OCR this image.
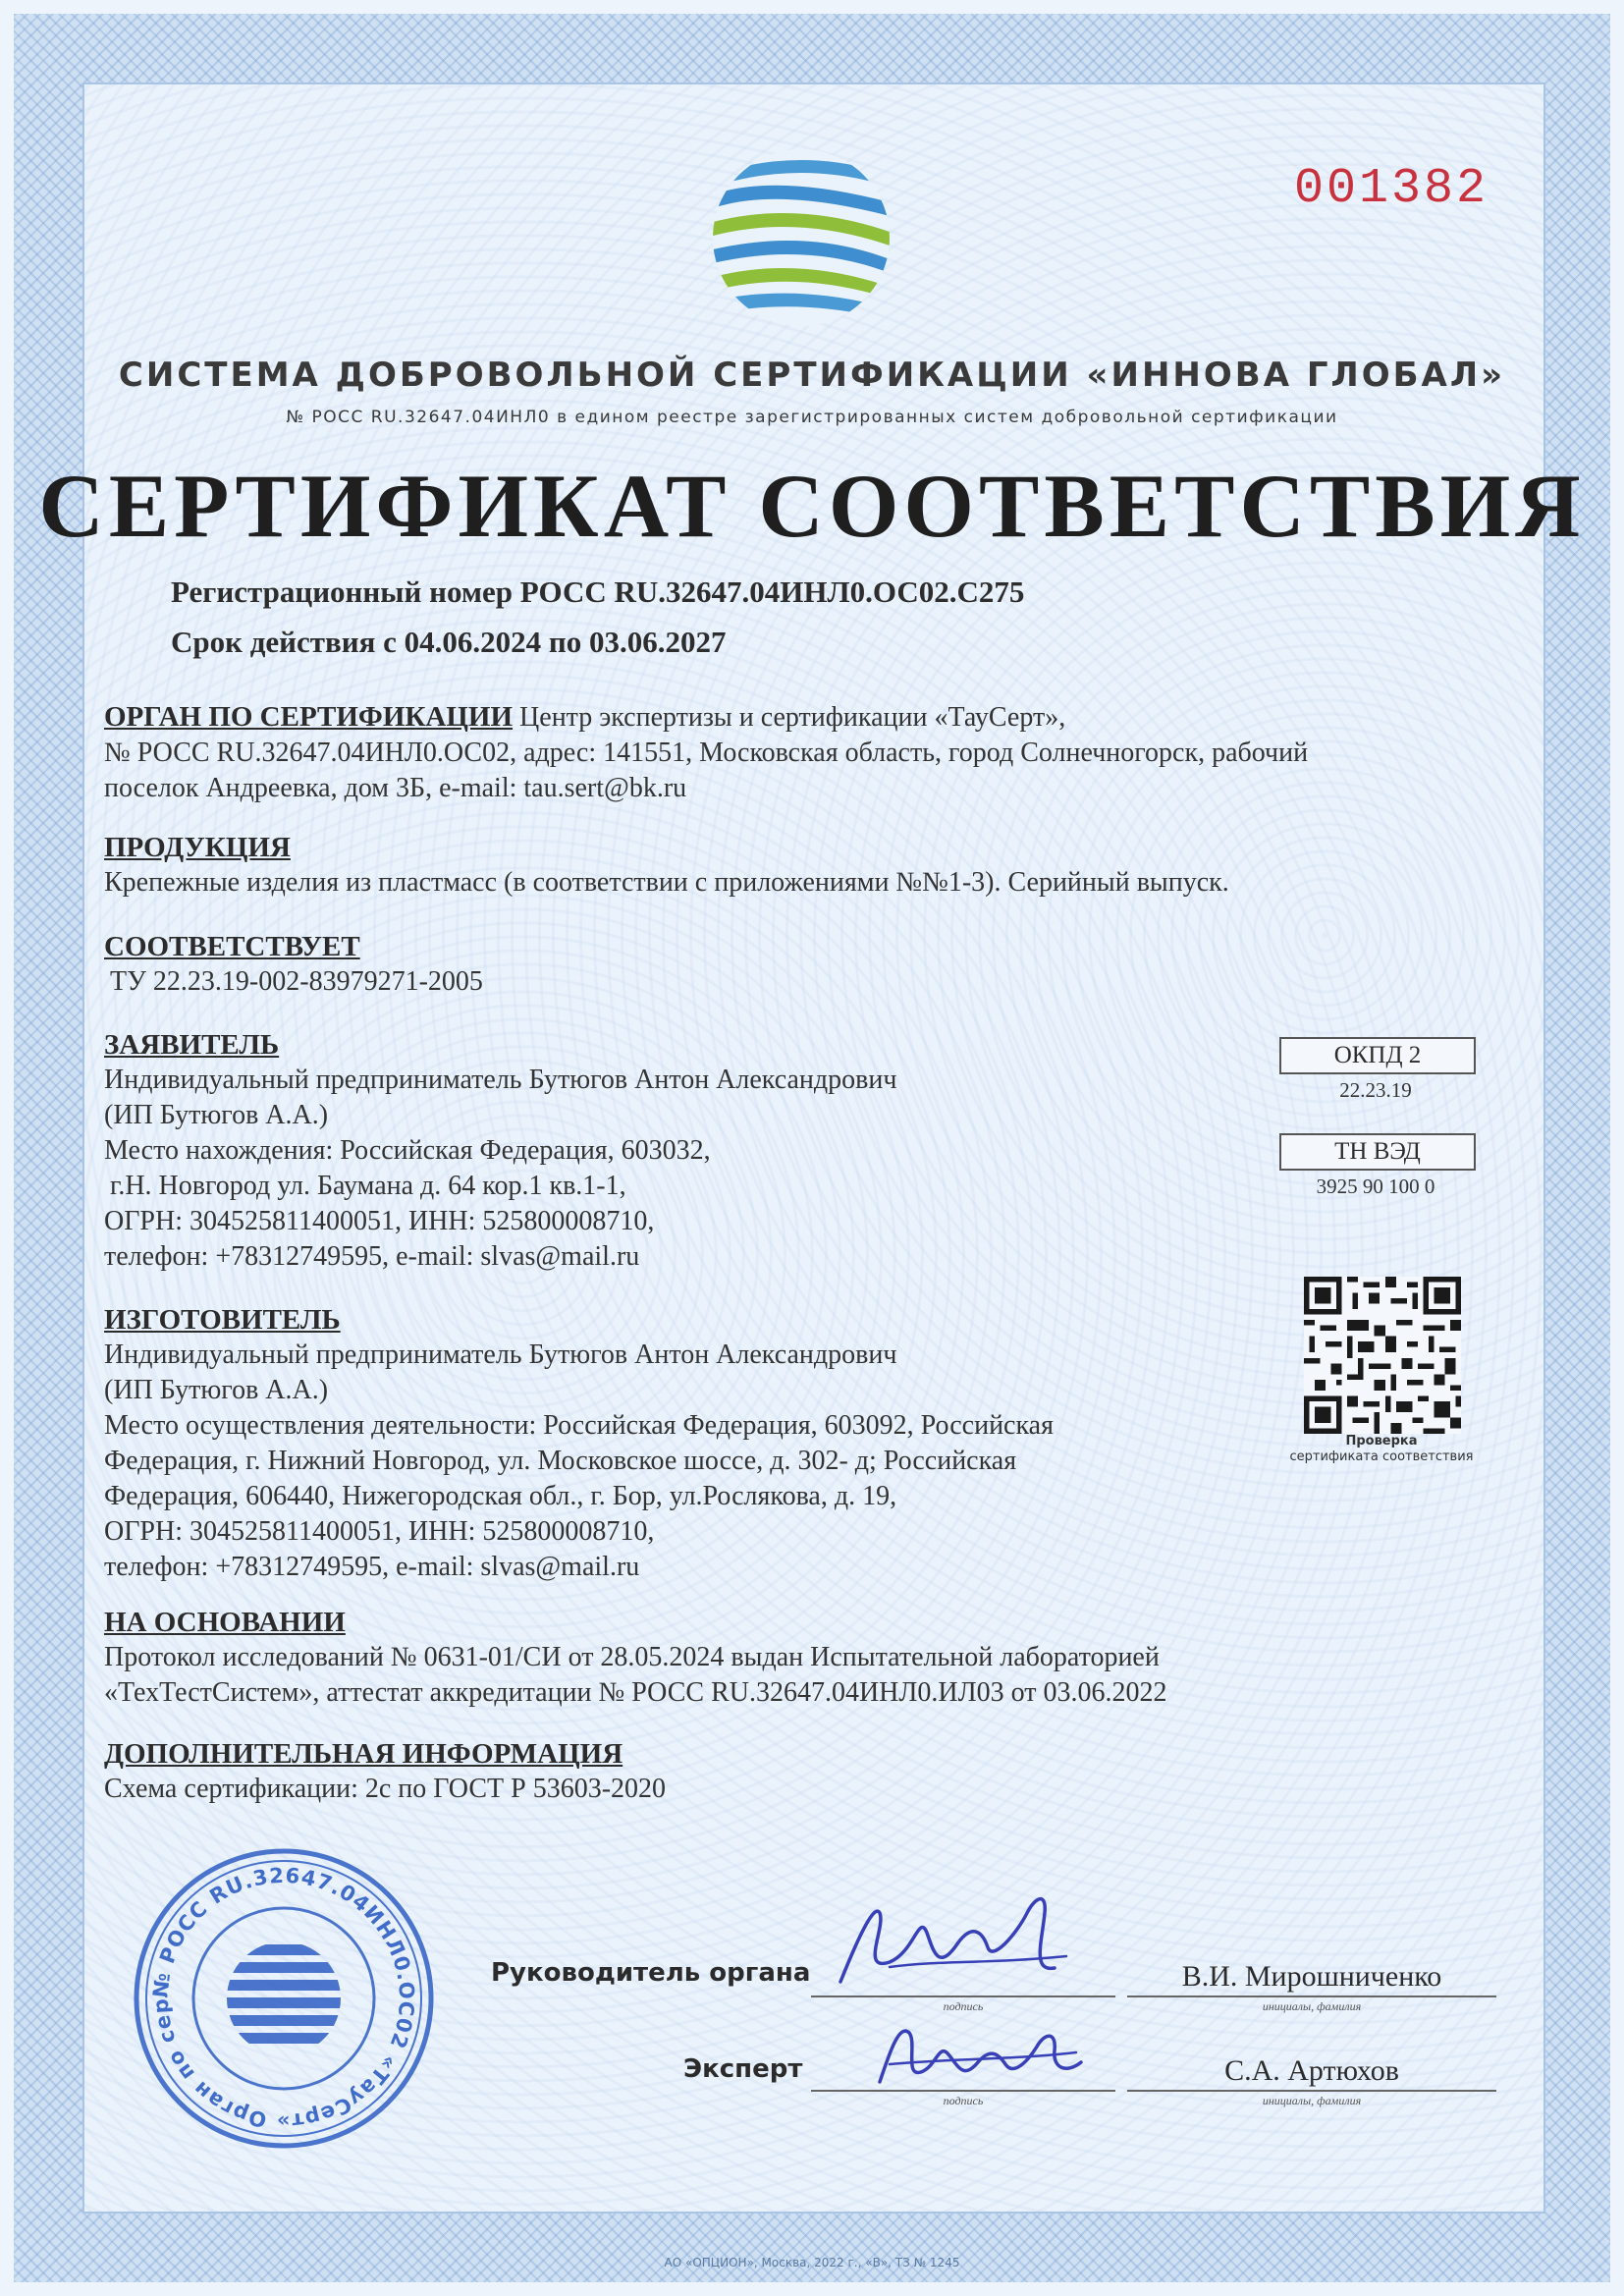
001382
СИСТЕМА ДОБРОВОЛЬНОЙ СЕРТИФИКАЦИИ «ИННОВА ГЛОБАЛ»
№ РОСС RU.32647.04ИНЛ0 в едином реестре зарегистрированных систем добровольной сертификации
СЕРТИФИКАТ СООТВЕТСТВИЯ
Регистрационный номер РОСС RU.32647.04ИНЛ0.ОС02.С275
Срок действия с 04.06.2024 по 03.06.2027
ОРГАН ПО СЕРТИФИКАЦИИ Центр экспертизы и сертификации «ТауСерт»,
№ РОСС RU.32647.04ИНЛ0.ОС02, адрес: 141551, Московская область, город Солнечногорск, рабочий
поселок Андреевка, дом 3Б, e-mail: tau.sert@bk.ru
ПРОДУКЦИЯ
Крепежные изделия из пластмасс (в соответствии с приложениями №№1-3). Серийный выпуск.
СООТВЕТСТВУЕТ
ТУ 22.23.19-002-83979271-2005
ЗАЯВИТЕЛЬ
Индивидуальный предприниматель Бутюгов Антон Александрович
(ИП Бутюгов А.А.)
Место нахождения: Российская Федерация, 603032,
г.Н. Новгород ул. Баумана д. 64 кор.1 кв.1-1,
ОГРН: 304525811400051, ИНН: 525800008710,
телефон: +78312749595, e-mail: slvas@mail.ru
ОКПД 2
22.23.19
ТН ВЭД
3925 90 100 0
Проверка
сертификата соответствия
ИЗГОТОВИТЕЛЬ
Индивидуальный предприниматель Бутюгов Антон Александрович
(ИП Бутюгов А.А.)
Место осуществления деятельности: Российская Федерация, 603092, Российская
Федерация, г. Нижний Новгород, ул. Московское шоссе, д. 302- д; Российская
Федерация, 606440, Нижегородская обл., г. Бор, ул.Рослякова, д. 19,
ОГРН: 304525811400051, ИНН: 525800008710,
телефон: +78312749595, e-mail: slvas@mail.ru
НА ОСНОВАНИИ
Протокол исследований № 0631-01/СИ от 28.05.2024 выдан Испытательной лабораторией
«ТехТестСистем», аттестат аккредитации № РОСС RU.32647.04ИНЛ0.ИЛ03 от 03.06.2022
ДОПОЛНИТЕЛЬНАЯ ИНФОРМАЦИЯ
Схема сертификации: 2с по ГОСТ Р 53603-2020
№ РОСС RU.32647.04ИНЛ0.ОС02 «ТауСерт» Орган по сер
Руководитель органа
подпись
В.И. Мирошниченко
инициалы, фамилия
Эксперт
подпись
С.А. Артюхов
инициалы, фамилия
АО «ОПЦИОН», Москва, 2022 г., «В», ТЗ № 1245
